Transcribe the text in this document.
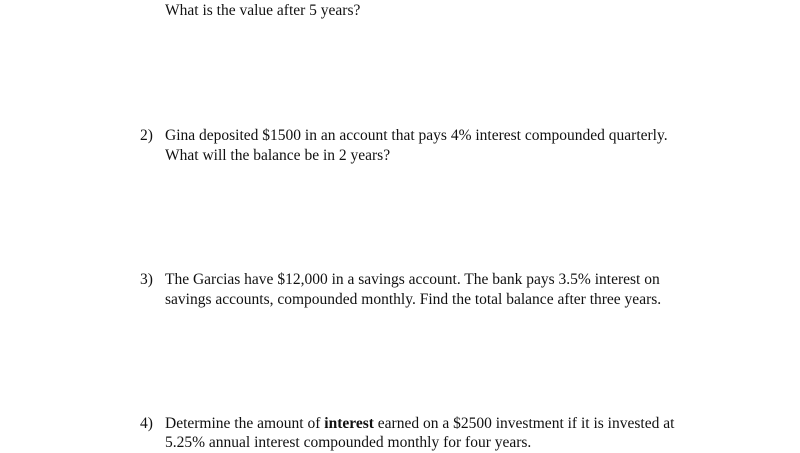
What is the value after 5 years?
2) Gina deposited $1500 in an account that pays 4% interest compounded quarterly.
What will the balance be in 2 years?
3) The Garcias have $12,000 in a savings account. The bank pays 3.5% interest on
savings accounts, compounded monthly. Find the total balance after three years.
4) Determine the amount of interest earned on a $2500 investment if it is invested at
5.25% annual interest compounded monthly for four years.
